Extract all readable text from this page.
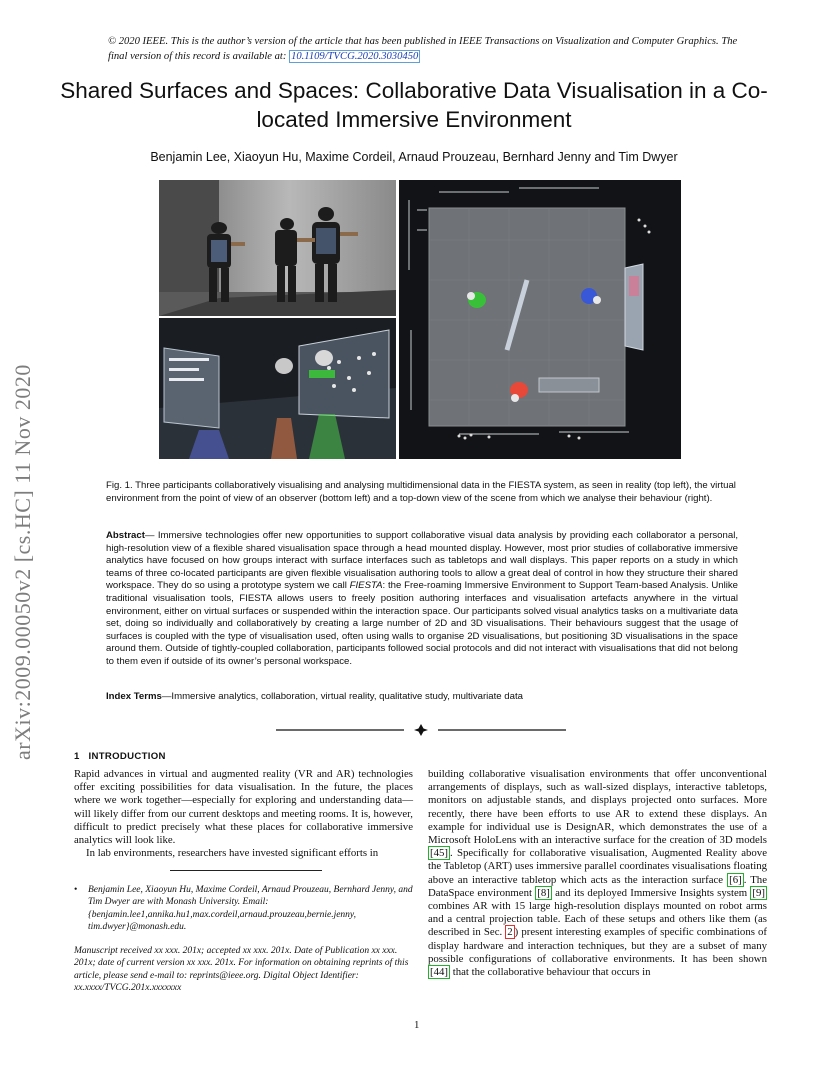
© 2020 IEEE. This is the author’s version of the article that has been published in IEEE Transactions on Visualization and Computer Graphics. The final version of this record is available at: 10.1109/TVCG.2020.3030450
Shared Surfaces and Spaces: Collaborative Data Visualisation in a Co-located Immersive Environment
Benjamin Lee, Xiaoyun Hu, Maxime Cordeil, Arnaud Prouzeau, Bernhard Jenny and Tim Dwyer
arXiv:2009.00050v2 [cs.HC] 11 Nov 2020	Fig. 1. Three participants collaboratively visualising and analysing multidimensional data in the FIESTA system, as seen in reality (top left), the virtual environment from the point of view of an observer (bottom left) and a top-down view of the scene from which we analyse their behaviour (right).
Abstract— Immersive technologies offer new opportunities to support collaborative visual data analysis by providing each collaborator a personal, high-resolution view of a flexible shared visualisation space through a head mounted display. However, most prior studies of collaborative immersive analytics have focused on how groups interact with surface interfaces such as tabletops and wall displays. This paper reports on a study in which teams of three co-located participants are given flexible visualisation authoring tools to allow a great deal of control in how they structure their shared workspace. They do so using a prototype system we call FIESTA: the Free-roaming Immersive Environment to Support Team-based Analysis. Unlike traditional visualisation tools, FIESTA allows users to freely position authoring interfaces and visualisation artefacts anywhere in the virtual environment, either on virtual surfaces or suspended within the interaction space. Our participants solved visual analytics tasks on a multivariate data set, doing so individually and collaboratively by creating a large number of 2D and 3D visualisations. Their behaviours suggest that the usage of surfaces is coupled with the type of visualisation used, often using walls to organise 2D visualisations, but positioning 3D visualisations in the space around them. Outside of tightly-coupled collaboration, participants followed social protocols and did not interact with visualisations that did not belong to them even if outside of its owner’s personal workspace.
Index Terms—Immersive analytics, collaboration, virtual reality, qualitative study, multivariate data
1 INTRODUCTION

Rapid advances in virtual and augmented reality (VR and AR) technologies offer exciting possibilities for data visualisation. In the future, the places where we work together—especially for exploring and understanding data—will likely differ from our current desktops and meeting rooms. It is, however, difficult to predict precisely what these places for collaborative immersive analytics will look like.

In lab environments, researchers have invested significant efforts in

•	Benjamin Lee, Xiaoyun Hu, Maxime Cordeil, Arnaud Prouzeau, Bernhard Jenny, and Tim Dwyer are with Monash University. Email: {benjamin.lee1,annika.hu1,max.cordeil,arnaud.prouzeau,bernie.jenny, tim.dwyer}@monash.edu.
Manuscript received xx xxx. 201x; accepted xx xxx. 201x. Date of Publication xx xxx. 201x; date of current version xx xxx. 201x. For information on obtaining reprints of this article, please send e-mail to: reprints@ieee.org. Digital Object Identifier: xx.xxxx/TVCG.201x.xxxxxxx

building collaborative visualisation environments that offer unconventional arrangements of displays, such as wall-sized displays, interactive tabletops, monitors on adjustable stands, and displays projected onto surfaces. More recently, there have been efforts to use AR to extend these displays. An example for individual use is DesignAR, which demonstrates the use of a Microsoft HoloLens with an interactive surface for the creation of 3D models [45] . Specifically for collaborative visualisation, Augmented Reality above the Tabletop (ART) uses immersive parallel coordinates visualisations floating above an interactive tabletop which acts as the interaction surface [6] . The DataSpace environment [8] and its deployed Immersive Insights system [9] combines AR with 15 large high-resolution displays mounted on robot arms and a central projection table. Each of these setups and others like them (as described in Sec. 2 ) present interesting examples of specific combinations of display hardware and interaction techniques, but they are a subset of many possible configurations of collaborative environments. It has been shown [44] that the collaborative behaviour that occurs in

1
